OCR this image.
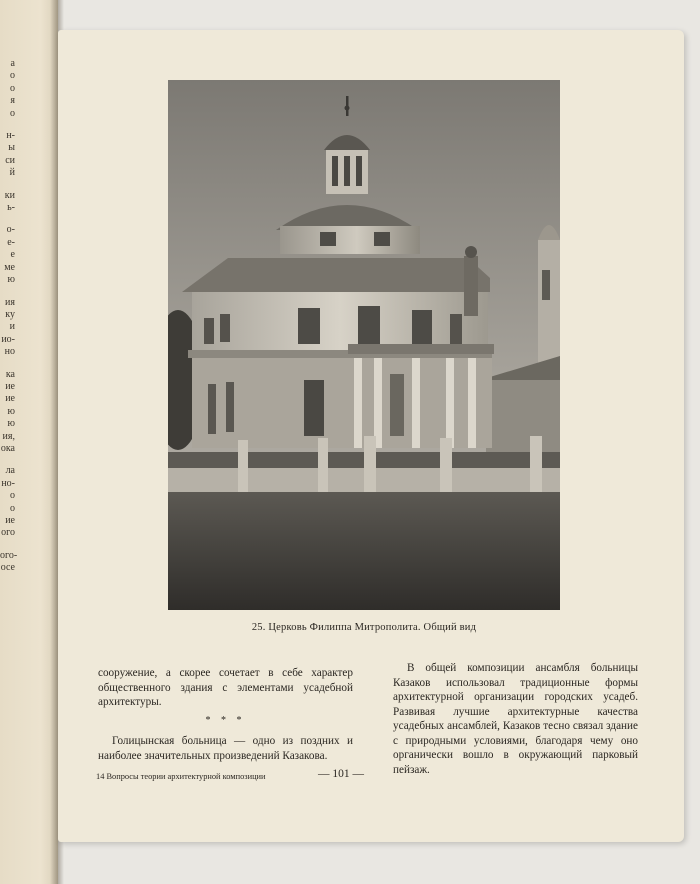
а
о
о
я
о
н-
ы
си
й
ки
ь-
о-
е-
е
ме
ю
ия
ку
и
ио-
но
ка
ие
ие
ю
ю
ия,
ока
ла
но-
о
о
ие
ого
ого-
осе
25. Церковь Филиппа Митрополита. Общий вид

сооружение, а скорее сочетает в себе характер общественного здания с элементами усадебной архитектуры.

* * *

Голицынская больница — одно из поздних и наиболее значительных произведений Казакова.

В общей композиции ансамбля больницы Казаков использовал традиционные формы архитектурной организации городских усадеб. Развивая лучшие архитектурные качества усадебных ансамблей, Казаков тесно связал здание с природными условиями, благодаря чему оно органически вошло в окружающий парковый пейзаж.

14 Вопросы теории архитектурной композиции	— 101 —
